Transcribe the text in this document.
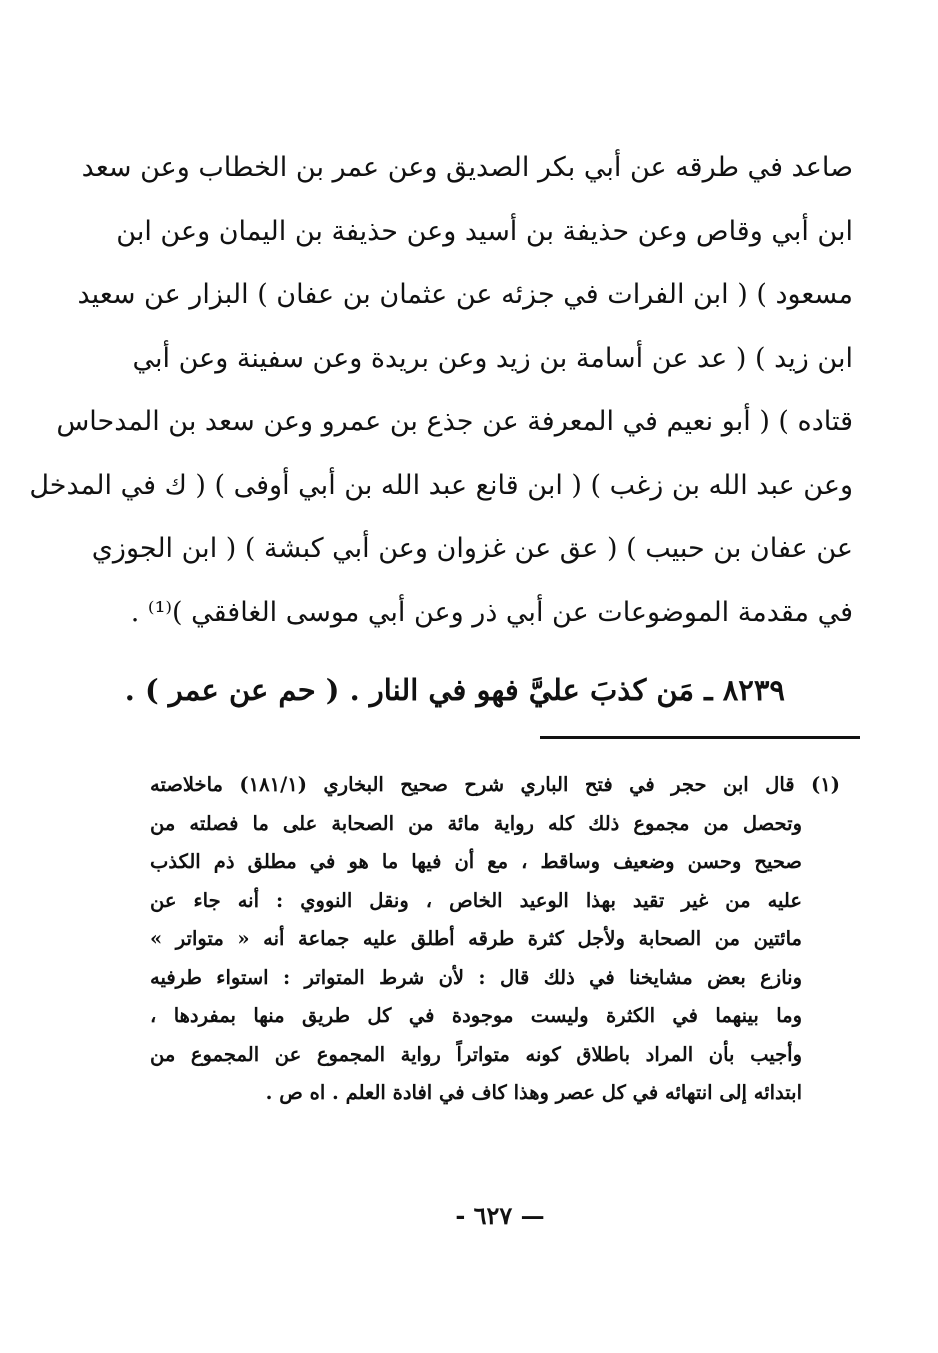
صاعد في طرقه عن أبي بكر الصديق وعن عمر بن الخطاب وعن سعد
ابن أبي وقاص وعن حذيفة بن أسيد وعن حذيفة بن اليمان وعن ابن
مسعود ) ( ابن الفرات في جزئه عن عثمان بن عفان ) البزار عن سعيد
ابن زيد ) ( عد عن أسامة بن زيد وعن بريدة وعن سفينة وعن أبي
قتاده ) ( أبو نعيم في المعرفة عن جذع بن عمرو وعن سعد بن المدحاس
وعن عبد الله بن زغب ) ( ابن قانع عبد الله بن أبي أوفى ) ( ك في المدخل
عن عفان بن حبيب ) ( عق عن غزوان وعن أبي كبشة ) ( ابن الجوزي
في مقدمة الموضوعات عن أبي ذر وعن أبي موسى الغافقي )⁽¹⁾ .
٨٢٣٩ ـ مَن كذبَ عليَّ فهو في النار . ( حم عن عمر ) .
(١) قال ابن حجر في فتح الباري شرح صحيح البخاري (١٨١/١) ماخلاصته
وتحصل من مجموع ذلك كله رواية مائة من الصحابة على ما فصلته من
صحيح وحسن وضعيف وساقط ، مع أن فيها ما هو في مطلق ذم الكذب
عليه من غير تقيد بهذا الوعيد الخاص ، ونقل النووي : أنه جاء عن
مائتين من الصحابة ولأجل كثرة طرقه أطلق عليه جماعة أنه « متواتر »
ونازع بعض مشايخنا في ذلك قال : لأن شرط المتواتر : استواء طرفيه
وما بينهما في الكثرة وليست موجودة في كل طريق منها بمفردها ،
وأجيب بأن المراد باطلاق كونه متواتراً رواية المجموع عن المجموع من
ابتدائه إلى انتهائه في كل عصر وهذا كاف في افادة العلم . اه ص .
— ٦٢٧ -
